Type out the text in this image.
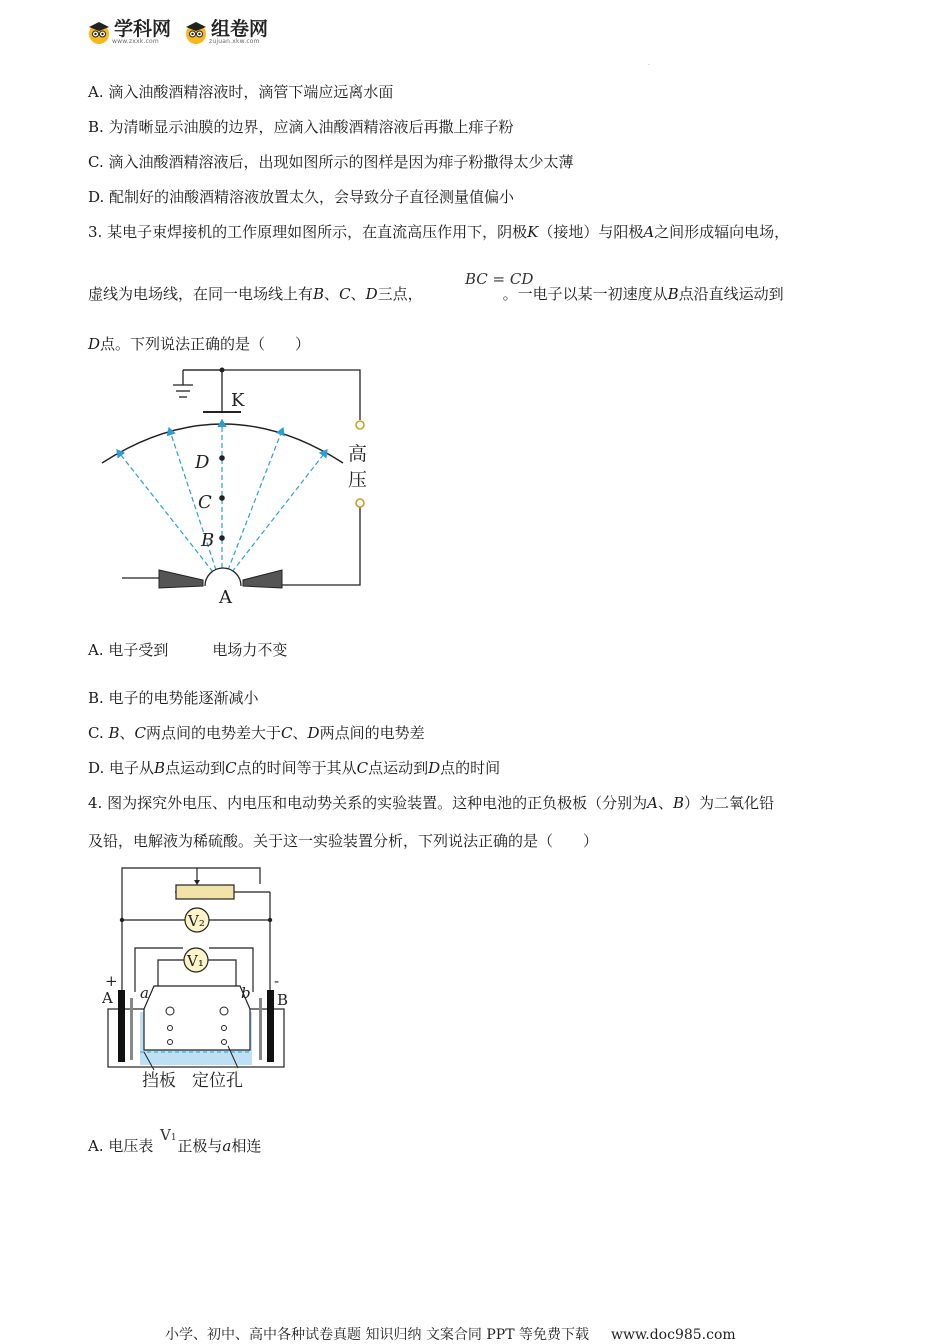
学科网
www.zxxk.com
组卷网
zujuan.xkw.com
.
A. 滴入油酸酒精溶液时，滴管下端应远离水面
B. 为清晰显示油膜的边界，应滴入油酸酒精溶液后再撒上痱子粉
C. 滴入油酸酒精溶液后，出现如图所示的图样是因为痱子粉撒得太少太薄
D. 配制好的油酸酒精溶液放置太久，会导致分子直径测量值偏小
3. 某电子束焊接机的工作原理如图所示，在直流高压作用下，阴极K（接地）与阳极A之间形成辐向电场，
虚线为电场线，在同一电场线上有B、C、D三点，	。一电子以某一初速度从B点沿直线运动到
BC = CD
D点。下列说法正确的是（　　）
K
高
压
D
C
B
A
A. 电子受到	电场力不变
B. 电子的电势能逐渐减小
C. B、C两点间的电势差大于C、D两点间的电势差
D. 电子从B点运动到C点的时间等于其从C点运动到D点的时间
4. 图为探究外电压、内电压和电动势关系的实验装置。这种电池的正负极板（分别为A、B）为二氧化铅
及铅，电解液为稀硫酸。关于这一实验装置分析，下列说法正确的是（　　）
V₂
V₁
+	-
A	B
a	b
挡板 定位孔
A. 电压表 正极与a相连
V1
小学、初中、高中各种试卷真题 知识归纳 文案合同 PPT 等免费下载 www.doc985.com
